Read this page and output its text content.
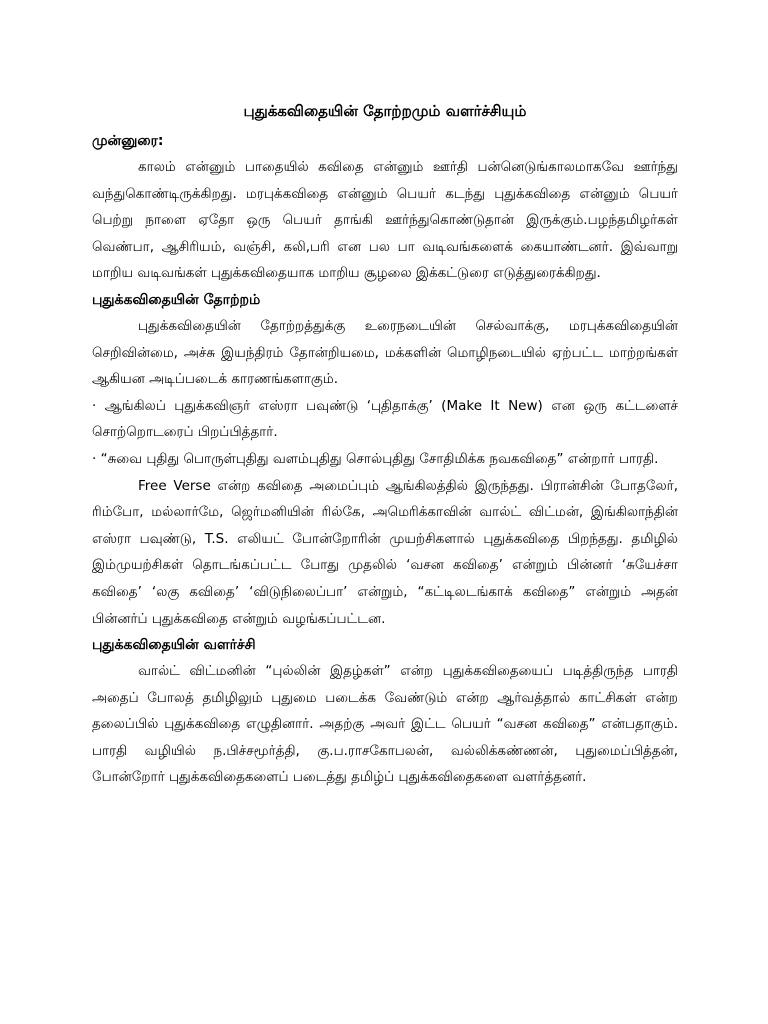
புதுக்கவிதையின் தோற்றமும் வளர்ச்சியும்
முன்னுரை:

காலம் என்னும் பாதையில் கவிதை என்னும் ஊர்தி பன்னெடுங்காலமாகவே ஊர்ந்து வந்துகொண்டிருக்கிறது. மரபுக்கவிதை என்னும் பெயர் கடந்து புதுக்கவிதை என்னும் பெயர் பெற்று நாளை ஏதோ ஒரு பெயர் தாங்கி ஊர்ந்துகொண்டுதான் இருக்கும்.பழந்தமிழர்கள் வெண்பா, ஆசிரியம், வஞ்சி, கலி,பரி என பல பா வடிவங்களைக் கையாண்டனர். இவ்வாறு மாறிய வடிவங்கள் புதுக்கவிதையாக மாறிய சூழலை இக்கட்டுரை எடுத்துரைக்கிறது.

புதுக்கவிதையின் தோற்றம்

புதுக்கவிதையின் தோற்றத்துக்கு உரைநடையின் செல்வாக்கு, மரபுக்கவிதையின் செறிவின்மை, அச்சு இயந்திரம் தோன்றியமை, மக்களின் மொழிநடையில் ஏற்பட்ட மாற்றங்கள் ஆகியன அடிப்படைக் காரணங்களாகும்.

· ஆங்கிலப் புதுக்கவிஞர் எஸ்ரா பவுண்டு ‘புதிதாக்கு’ (Make It New) என ஒரு கட்டளைச் சொற்றொடரைப் பிறப்பித்தார்.

· “சுவை புதிது பொருள்புதிது வளம்புதிது சொல்புதிது சோதிமிக்க நவகவிதை” என்றார் பாரதி.

Free Verse என்ற கவிதை அமைப்பும் ஆங்கிலத்தில் இருந்தது. பிரான்சின் போதலேர், ரிம்போ, மல்லார்மே, ஜெர்மனியின் ரில்கே, அமெரிக்காவின் வால்ட் விட்மன், இங்கிலாந்தின் எஸ்ரா பவுண்டு, T.S. எலியட் போன்றோரின் முயற்சிகளால் புதுக்கவிதை பிறந்தது. தமிழில் இம்முயற்சிகள் தொடங்கப்பட்ட போது முதலில் ‘வசன கவிதை’ என்றும் பின்னர் ‘சுயேச்சா கவிதை’ ‘லகு கவிதை’ ‘விடுநிலைப்பா’ என்றும், “கட்டிலடங்காக் கவிதை” என்றும் அதன் பின்னர்ப் புதுக்கவிதை என்றும் வழங்கப்பட்டன.

புதுக்கவிதையின் வளர்ச்சி

வால்ட் விட்மனின் “புல்லின் இதழ்கள்” என்ற புதுக்கவிதையைப் படித்திருந்த பாரதி அதைப் போலத் தமிழிலும் புதுமை படைக்க வேண்டும் என்ற ஆர்வத்தால் காட்சிகள் என்ற தலைப்பில் புதுக்கவிதை எழுதினார். அதற்கு அவர் இட்ட பெயர் “வசன கவிதை” என்பதாகும். பாரதி வழியில் ந.பிச்சமூர்த்தி, கு.ப.ராசகோபலன், வல்லிக்கண்ணன், புதுமைப்பித்தன், போன்றோர் புதுக்கவிதைகளைப் படைத்து தமிழ்ப் புதுக்கவிதைகளை வளர்த்தனர்.
